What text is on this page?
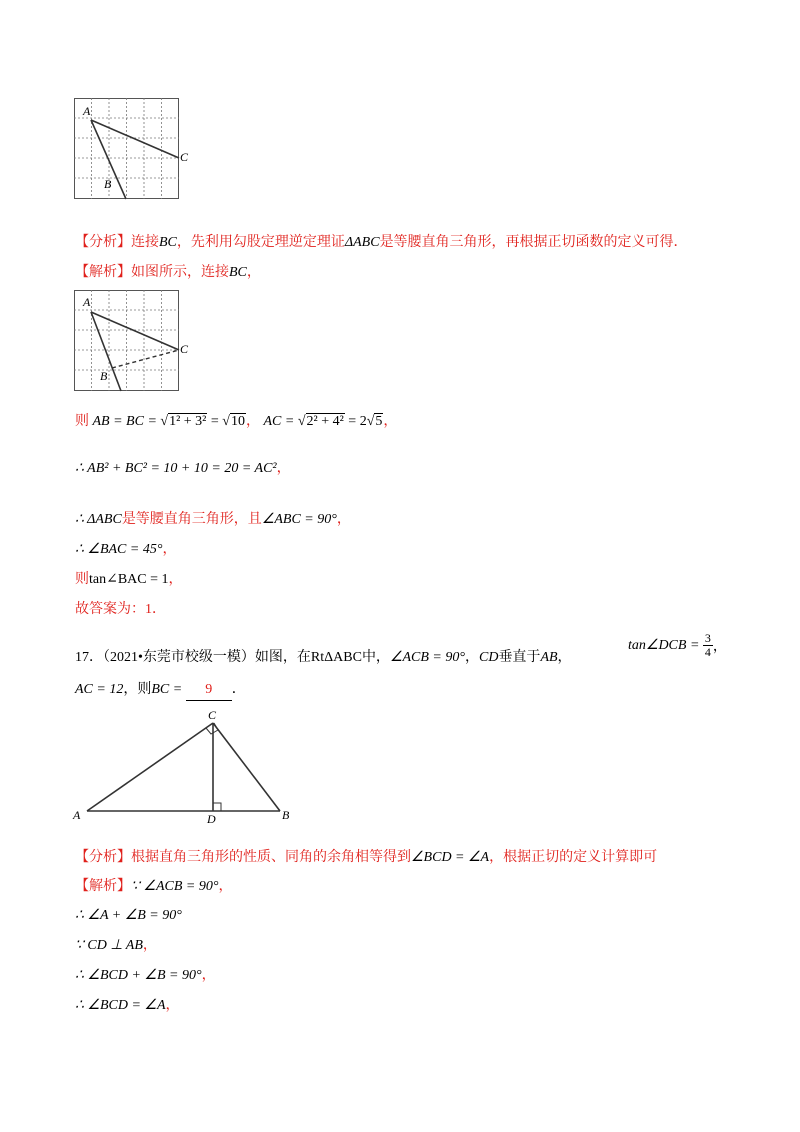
A
C
B
【分析】连接BC，先利用勾股定理逆定理证ΔABC是等腰直角三角形，再根据正切函数的定义可得．
【解析】如图所示，连接BC，
A
C
B
则 AB = BC = √1² + 3² = √10， AC = √2² + 4² = 2√5，
∴ AB² + BC² = 10 + 10 = 20 = AC²，
∴ ΔABC是等腰直角三角形，且∠ABC = 90°，
∴ ∠BAC = 45°，
则tan∠BAC = 1，
故答案为：1．
17．（2021•东莞市校级一模）如图，在RtΔABC中，∠ACB = 90°，CD垂直于AB，
tan∠DCB = $\frac{3}{4}$ ，
AC = 12，则BC = 9 ．
C
A	D	B
【分析】根据直角三角形的性质、同角的余角相等得到∠BCD = ∠A，根据正切的定义计算即可
【解析】∵ ∠ACB = 90°，
∴ ∠A + ∠B = 90°
∵ CD ⊥ AB，
∴ ∠BCD + ∠B = 90°，
∴ ∠BCD = ∠A，
